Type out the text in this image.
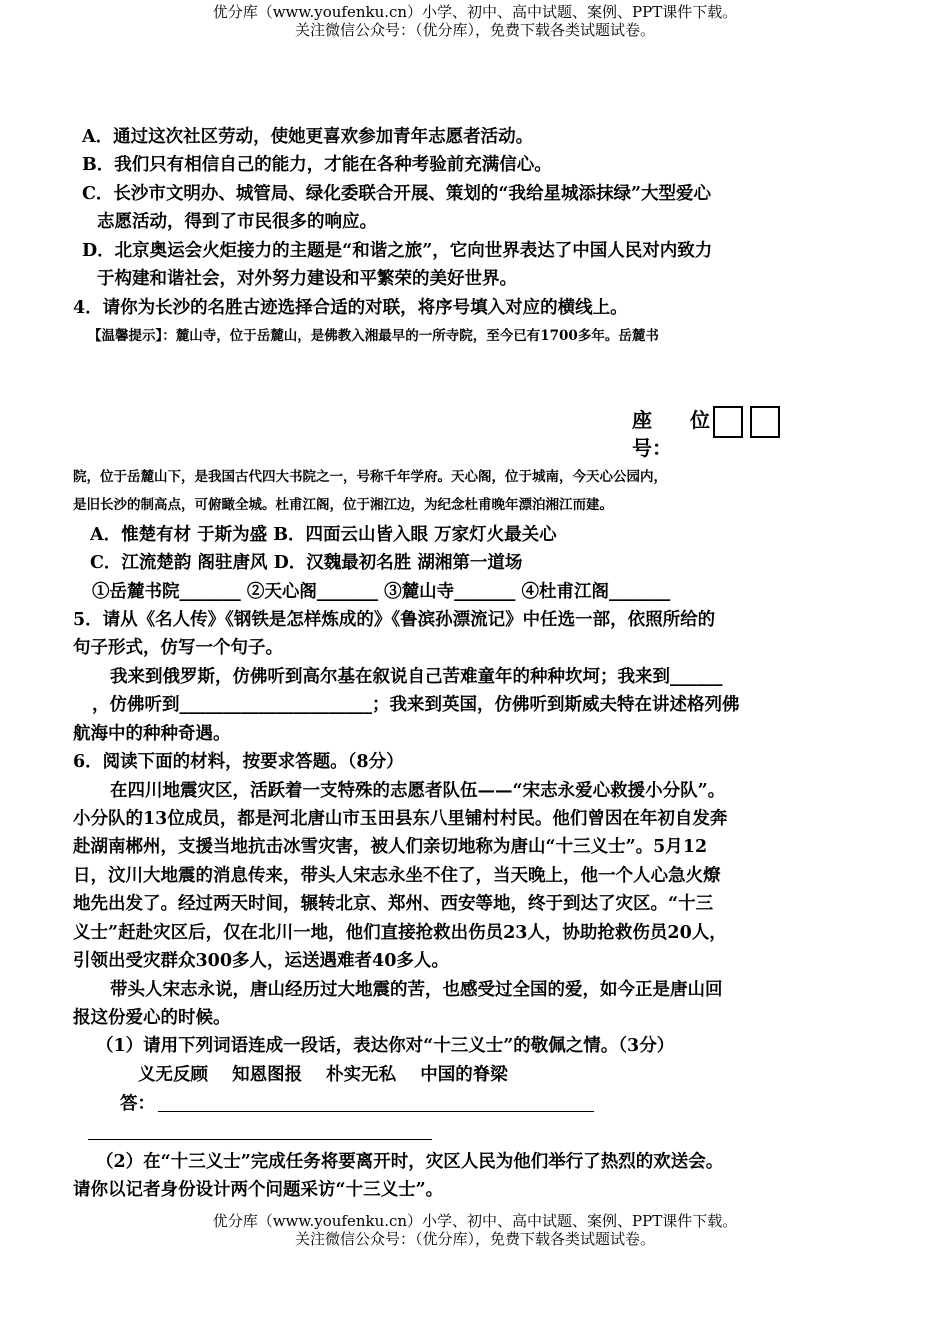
优分库（www.youfenku.cn）小学、初中、高中试题、案例、PPT课件下载。
关注微信公众号：（优分库），免费下载各类试题试卷。
A．通过这次社区劳动，使她更喜欢参加青年志愿者活动。
B．我们只有相信自己的能力，才能在各种考验前充满信心。
C．长沙市文明办、城管局、绿化委联合开展、策划的“我给星城添抹绿”大型爱心
志愿活动，得到了市民很多的响应。
D．北京奥运会火炬接力的主题是“和谐之旅”，它向世界表达了中国人民对内致力
于构建和谐社会，对外努力建设和平繁荣的美好世界。
4．请你为长沙的名胜古迹选择合适的对联，将序号填入对应的横线上。
【温馨提示】：麓山寺，位于岳麓山，是佛教入湘最早的一所寺院，至今已有1700多年。岳麓书
座 位
号：
院，位于岳麓山下，是我国古代四大书院之一，号称千年学府。天心阁，位于城南，今天心公园内，
是旧长沙的制高点，可俯瞰全城。杜甫江阁，位于湘江边，为纪念杜甫晚年漂泊湘江而建。
A．惟楚有材 于斯为盛 B．四面云山皆入眼 万家灯火最关心
C．江流楚韵 阁驻唐风 D．汉魏最初名胜 湖湘第一道场
①岳麓书院_______ ②天心阁_______ ③麓山寺_______ ④杜甫江阁_______
5．请从《名人传》《钢铁是怎样炼成的》《鲁滨孙漂流记》中任选一部，依照所给的
句子形式，仿写一个句子。
我来到俄罗斯，仿佛听到高尔基在叙说自己苦难童年的种种坎坷；我来到______
，仿佛听到______________________；我来到英国，仿佛听到斯威夫特在讲述格列佛
航海中的种种奇遇。
6．阅读下面的材料，按要求答题。（8分）
在四川地震灾区，活跃着一支特殊的志愿者队伍——“宋志永爱心救援小分队”。
小分队的13位成员，都是河北唐山市玉田县东八里铺村村民。他们曾因在年初自发奔
赴湖南郴州，支援当地抗击冰雪灾害，被人们亲切地称为唐山“十三义士”。5月12
日，汶川大地震的消息传来，带头人宋志永坐不住了，当天晚上，他一个人心急火燎
地先出发了。经过两天时间，辗转北京、郑州、西安等地，终于到达了灾区。“十三
义士”赶赴灾区后，仅在北川一地，他们直接抢救出伤员23人，协助抢救伤员20人，
引领出受灾群众300多人，运送遇难者40多人。
带头人宋志永说，唐山经历过大地震的苦，也感受过全国的爱，如今正是唐山回
报这份爱心的时候。
（1）请用下列词语连成一段话，表达你对“十三义士”的敬佩之情。（3分）
义无反顾 知恩图报 朴实无私 中国的脊梁
答：
（2）在“十三义士”完成任务将要离开时，灾区人民为他们举行了热烈的欢送会。
请你以记者身份设计两个问题采访“十三义士”。
优分库（www.youfenku.cn）小学、初中、高中试题、案例、PPT课件下载。
关注微信公众号：（优分库），免费下载各类试题试卷。
